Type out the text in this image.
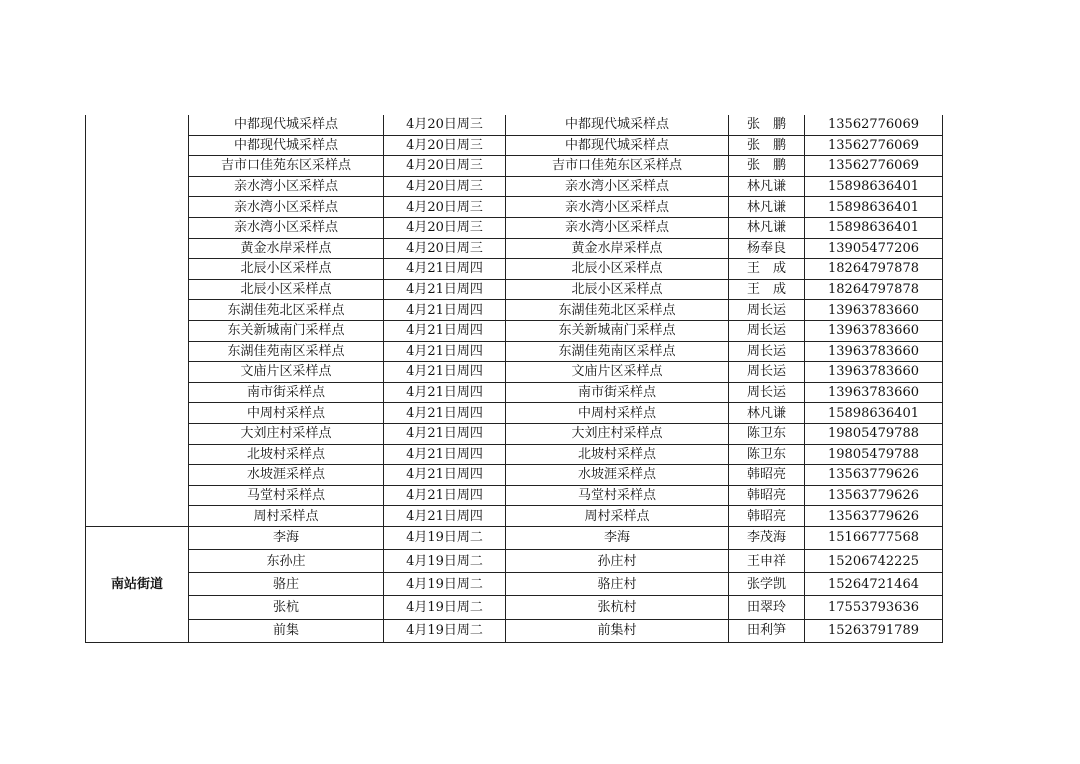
	中都现代城采样点	4月20日周三	中都现代城采样点	张　鹏	13562776069
	中都现代城采样点	4月20日周三	中都现代城采样点	张　鹏	13562776069
	吉市口佳苑东区采样点	4月20日周三	吉市口佳苑东区采样点	张　鹏	13562776069
	亲水湾小区采样点	4月20日周三	亲水湾小区采样点	林凡谦	15898636401
	亲水湾小区采样点	4月20日周三	亲水湾小区采样点	林凡谦	15898636401
	亲水湾小区采样点	4月20日周三	亲水湾小区采样点	林凡谦	15898636401
	黄金水岸采样点	4月20日周三	黄金水岸采样点	杨奉良	13905477206
	北辰小区采样点	4月21日周四	北辰小区采样点	王　成	18264797878
	北辰小区采样点	4月21日周四	北辰小区采样点	王　成	18264797878
	东湖佳苑北区采样点	4月21日周四	东湖佳苑北区采样点	周长运	13963783660
	东关新城南门采样点	4月21日周四	东关新城南门采样点	周长运	13963783660
	东湖佳苑南区采样点	4月21日周四	东湖佳苑南区采样点	周长运	13963783660
	文庙片区采样点	4月21日周四	文庙片区采样点	周长运	13963783660
	南市街采样点	4月21日周四	南市街采样点	周长运	13963783660
	中周村采样点	4月21日周四	中周村采样点	林凡谦	15898636401
	大刘庄村采样点	4月21日周四	大刘庄村采样点	陈卫东	19805479788
	北坡村采样点	4月21日周四	北坡村采样点	陈卫东	19805479788
	水坡涯采样点	4月21日周四	水坡涯采样点	韩昭亮	13563779626
	马堂村采样点	4月21日周四	马堂村采样点	韩昭亮	13563779626
	周村采样点	4月21日周四	周村采样点	韩昭亮	13563779626
南站街道	李海	4月19日周二	李海	李茂海	15166777568
	东孙庄	4月19日周二	孙庄村	王申祥	15206742225
	骆庄	4月19日周二	骆庄村	张学凯	15264721464
	张杭	4月19日周二	张杭村	田翠玲	17553793636
	前集	4月19日周二	前集村	田利笋	15263791789
